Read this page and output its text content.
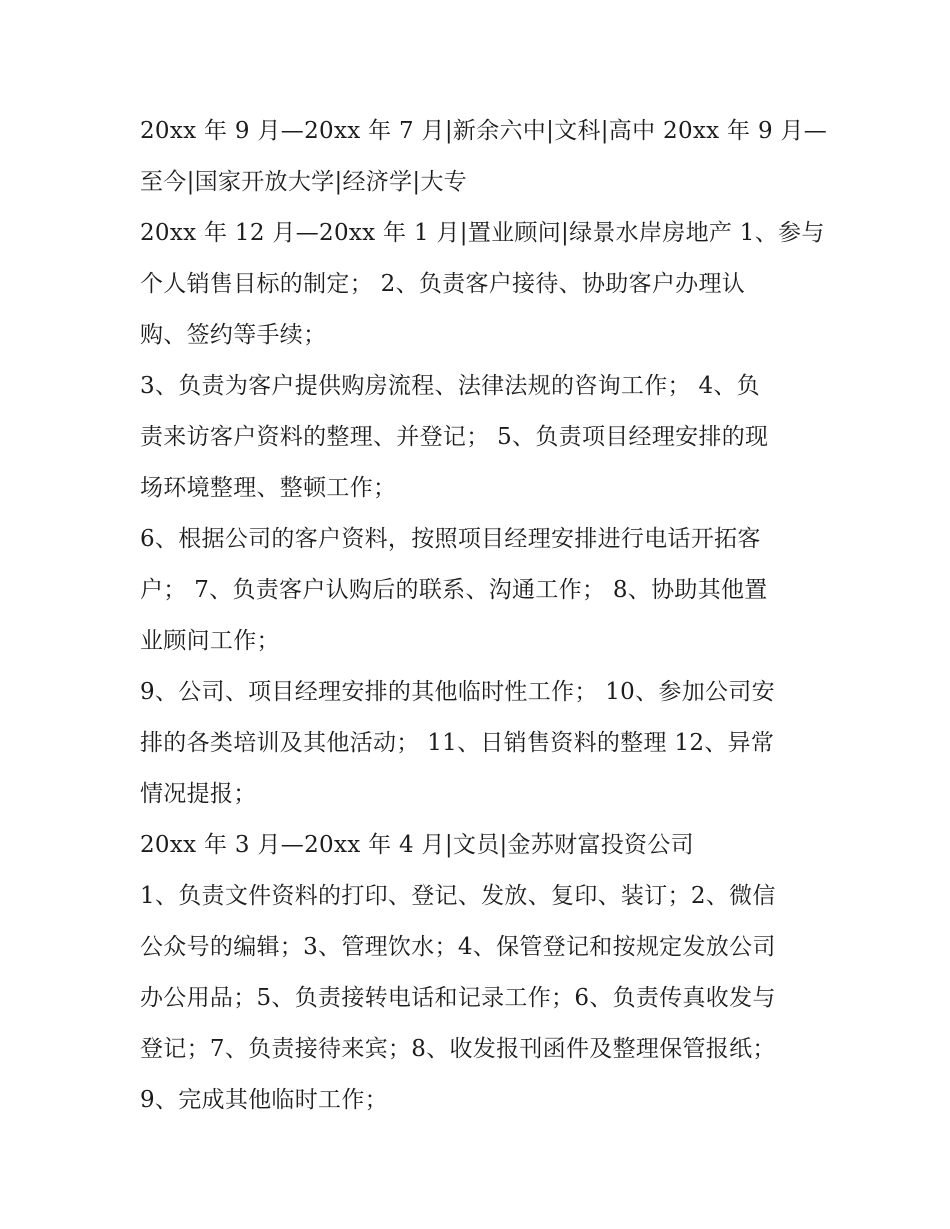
20xx 年 9 月—20xx 年 7 月|新余六中|文科|高中 20xx 年 9 月—
至今|国家开放大学|经济学|大专
20xx 年 12 月—20xx 年 1 月|置业顾问|绿景水岸房地产 1、参与
个人销售目标的制定； 2、负责客户接待、协助客户办理认
购、签约等手续；
3、负责为客户提供购房流程、法律法规的咨询工作； 4、负
责来访客户资料的整理、并登记； 5、负责项目经理安排的现
场环境整理、整顿工作；
6、根据公司的客户资料，按照项目经理安排进行电话开拓客
户； 7、负责客户认购后的联系、沟通工作； 8、协助其他置
业顾问工作；
9、公司、项目经理安排的其他临时性工作； 10、参加公司安
排的各类培训及其他活动； 11、日销售资料的整理 12、异常
情况提报；
20xx 年 3 月—20xx 年 4 月|文员|金苏财富投资公司
1、负责文件资料的打印、登记、发放、复印、装订；2、微信
公众号的编辑；3、管理饮水；4、保管登记和按规定发放公司
办公用品；5、负责接转电话和记录工作；6、负责传真收发与
登记；7、负责接待来宾；8、收发报刊函件及整理保管报纸；
9、完成其他临时工作；
